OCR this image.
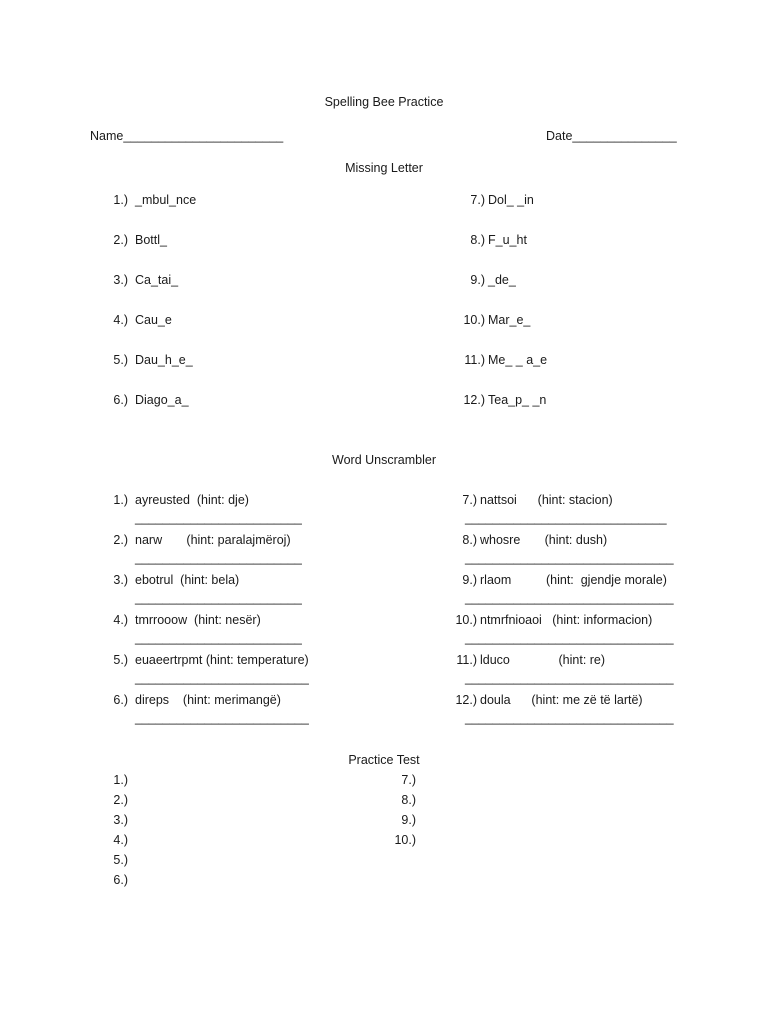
Spelling Bee Practice
Name_______________________	Date_______________
Missing Letter
1.) _mbul_nce
2.) Bottl_
3.) Ca_tai_
4.) Cau_e
5.) Dau_h_e_
6.) Diago_a_
7.) Dol_ _in
8.) F_u_ht
9.) _de_
10.) Mar_e_
11.) Me_ _ a_e
12.) Tea_p_ _n
Word Unscrambler
1.) ayreusted  (hint: dje)
________________________
2.) narw       (hint: paralajmëroj)
________________________
3.) ebotrul  (hint: bela)
________________________
4.) tmrrooow  (hint: nesër)
________________________
5.) euaeertrpmt (hint: temperature)
_________________________
6.) direps    (hint: merimangë)
_________________________
7.) nattsoi      (hint: stacion)
_____________________________
8.) whosre       (hint: dush)
______________________________
9.) rlaom          (hint:  gjendje morale)
______________________________
10.) ntmrfnioaoi   (hint: informacion)
______________________________
11.) lduco              (hint: re)
______________________________
12.) doula      (hint: me zë të lartë)
______________________________
Practice Test
1.)
2.)
3.)
4.)
5.)
6.)
7.)
8.)
9.)
10.)
